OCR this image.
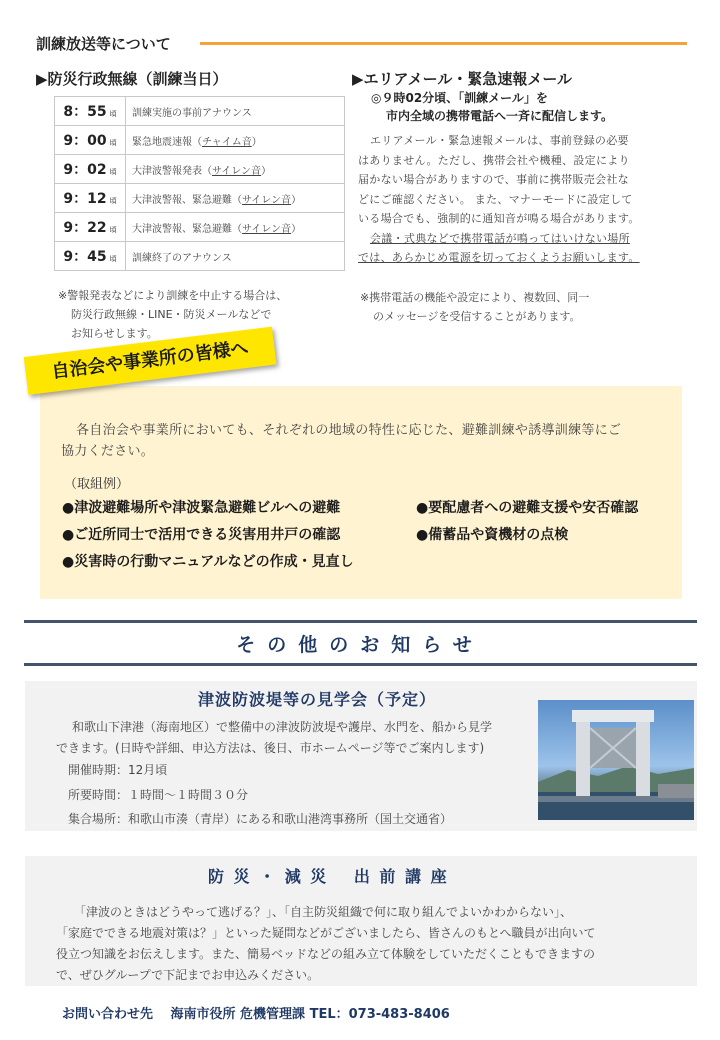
訓練放送等について
▶防災行政無線（訓練当日）
8：55 頃	訓練実施の事前アナウンス
9：00 頃	緊急地震速報（チャイム音）
9：02 頃	大津波警報発表（サイレン音）
9：12 頃	大津波警報、緊急避難（サイレン音）
9：22 頃	大津波警報、緊急避難（サイレン音）
9：45 頃	訓練終了のアナウンス
※警報発表などにより訓練を中止する場合は、
防災行政無線・LINE・防災メールなどで
お知らせします。
▶エリアメール・緊急速報メール
◎９時02分頃、「訓練メール」を
市内全域の携帯電話へ一斉に配信します。
エリアメール・緊急速報メールは、事前登録の必要
はありません。ただし、携帯会社や機種、設定により
届かない場合がありますので、事前に携帯販売会社な
どにご確認ください。 また、マナーモードに設定して
いる場合でも、強制的に通知音が鳴る場合があります。
会議・式典などで携帯電話が鳴ってはいけない場所
では、あらかじめ電源を切っておくようお願いします。
※携帯電話の機能や設定により、複数回、同一
のメッセージを受信することがあります。
自治会や事業所の皆様へ
各自治会や事業所においても、それぞれの地域の特性に応じた、避難訓練や誘導訓練等にご
協力ください。
（取組例）
●津波避難場所や津波緊急避難ビルへの避難	●要配慮者への避難支援や安否確認
●ご近所同士で活用できる災害用井戸の確認	●備蓄品や資機材の点検
●災害時の行動マニュアルなどの作成・見直し
その他のお知らせ
津波防波堤等の見学会（予定）
和歌山下津港（海南地区）で整備中の津波防波堤や護岸、水門を、船から見学
できます。(日時や詳細、申込方法は、後日、市ホームページ等でご案内します)
開催時期：12月頃
所要時間：１時間～１時間３０分
集合場所：和歌山市湊（青岸）にある和歌山港湾事務所（国土交通省）
防 災 ・ 減 災　 出 前 講 座
「津波のときはどうやって逃げる？」、「自主防災組織で何に取り組んでよいかわからない」、
「家庭でできる地震対策は？」といった疑問などがございましたら、皆さんのもとへ職員が出向いて
役立つ知識をお伝えします。また、簡易ベッドなどの組み立て体験をしていただくこともできますの
で、ぜひグループで下記までお申込みください。
お問い合わせ先　 海南市役所 危機管理課 TEL：073-483-8406
